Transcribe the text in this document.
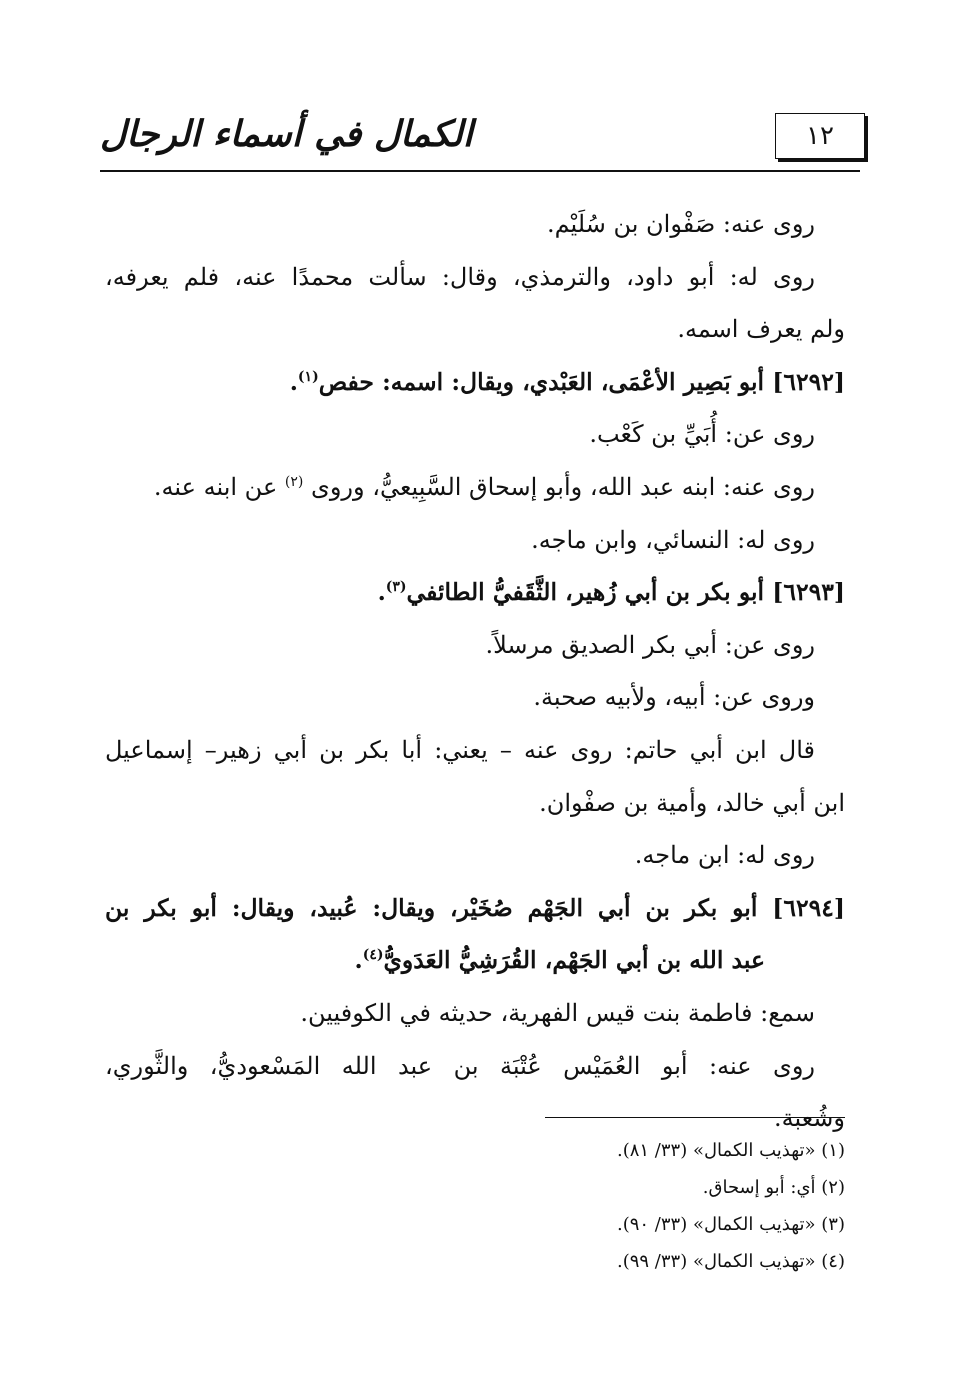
الكمال في أسماء الرجال	١٢
روى عنه: صَفْوان بن سُلَيْم.
روى له: أبو داود، والترمذي، وقال: سألت محمدًا عنه، فلم يعرفه،
ولم يعرف اسمه.
[٦٢٩٢] أبو بَصِير الأعْمَى، العَبْدي، ويقال: اسمه: حفص$^{(١)}$.
روى عن: أُبَيِّ بن كَعْب.
روى عنه: ابنه عبد الله، وأبو إسحاق السَّبِيعيُّ، وروى $^{(٢)}$ عن ابنه عنه.
روى له: النسائي، وابن ماجه.
[٦٢٩٣] أبو بكر بن أبي زُهير، الثَّقَفيُّ الطائفي$^{(٣)}$.
روى عن: أبي بكر الصديق مرسلاً.
وروى عن: أبيه، ولأبيه صحبة.
قال ابن أبي حاتم: روى عنه – يعني: أبا بكر بن أبي زهير– إسماعيل
ابن أبي خالد، وأمية بن صفْوان.
روى له: ابن ماجه.
[٦٢٩٤] أبو بكر بن أبي الجَهْم صُخَيْر، ويقال: عُبيد، ويقال: أبو بكر بن
عبد الله بن أبي الجَهْم، القُرَشِيُّ العَدَويُّ$^{(٤)}$.
سمع: فاطمة بنت قيس الفهرية، حديثه في الكوفيين.
روى عنه: أبو العُمَيْس عُتْبَة بن عبد الله المَسْعوديُّ، والثَّوري،
وشُعبة.
(١) «تهذيب الكمال» (٣٣/ ٨١).
(٢) أي: أبو إسحاق.
(٣) «تهذيب الكمال» (٣٣/ ٩٠).
(٤) «تهذيب الكمال» (٣٣/ ٩٩).
